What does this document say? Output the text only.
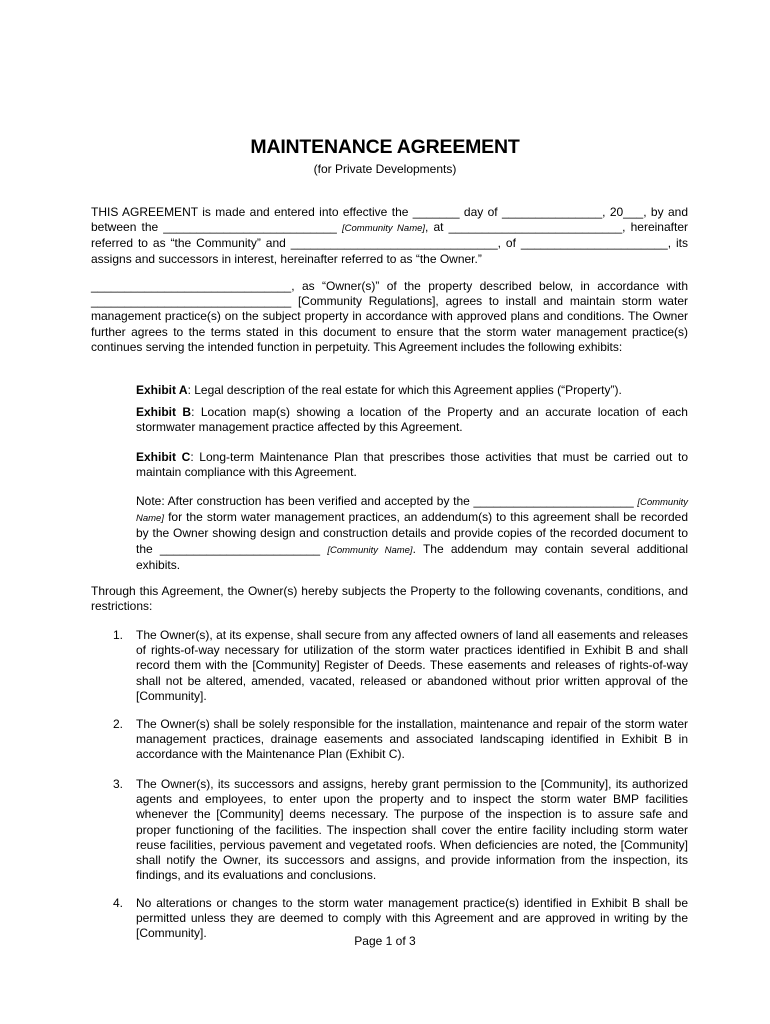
MAINTENANCE AGREEMENT
(for Private Developments)
THIS AGREEMENT is made and entered into effective the _______ day of _______________, 20___, by and between the __________________________ [Community Name], at __________________________, hereinafter referred to as “the Community” and _______________________________, of ______________________, its assigns and successors in interest, hereinafter referred to as “the Owner.”
______________________________, as “Owner(s)” of the property described below, in accordance with ______________________________ [Community Regulations], agrees to install and maintain storm water management practice(s) on the subject property in accordance with approved plans and conditions. The Owner further agrees to the terms stated in this document to ensure that the storm water management practice(s) continues serving the intended function in perpetuity. This Agreement includes the following exhibits:
Exhibit A: Legal description of the real estate for which this Agreement applies (“Property”).
Exhibit B: Location map(s) showing a location of the Property and an accurate location of each stormwater management practice affected by this Agreement.
Exhibit C: Long-term Maintenance Plan that prescribes those activities that must be carried out to maintain compliance with this Agreement.
Note: After construction has been verified and accepted by the ________________________ [Community Name] for the storm water management practices, an addendum(s) to this agreement shall be recorded by the Owner showing design and construction details and provide copies of the recorded document to the ________________________ [Community Name]. The addendum may contain several additional exhibits.
Through this Agreement, the Owner(s) hereby subjects the Property to the following covenants, conditions, and restrictions:
1. The Owner(s), at its expense, shall secure from any affected owners of land all easements and releases of rights-of-way necessary for utilization of the storm water practices identified in Exhibit B and shall record them with the [Community] Register of Deeds. These easements and releases of rights-of-way shall not be altered, amended, vacated, released or abandoned without prior written approval of the [Community].
2. The Owner(s) shall be solely responsible for the installation, maintenance and repair of the storm water management practices, drainage easements and associated landscaping identified in Exhibit B in accordance with the Maintenance Plan (Exhibit C).
3. The Owner(s), its successors and assigns, hereby grant permission to the [Community], its authorized agents and employees, to enter upon the property and to inspect the storm water BMP facilities whenever the [Community] deems necessary. The purpose of the inspection is to assure safe and proper functioning of the facilities. The inspection shall cover the entire facility including storm water reuse facilities, pervious pavement and vegetated roofs. When deficiencies are noted, the [Community] shall notify the Owner, its successors and assigns, and provide information from the inspection, its findings, and its evaluations and conclusions.
4. No alterations or changes to the storm water management practice(s) identified in Exhibit B shall be permitted unless they are deemed to comply with this Agreement and are approved in writing by the [Community].
Page 1 of 3
